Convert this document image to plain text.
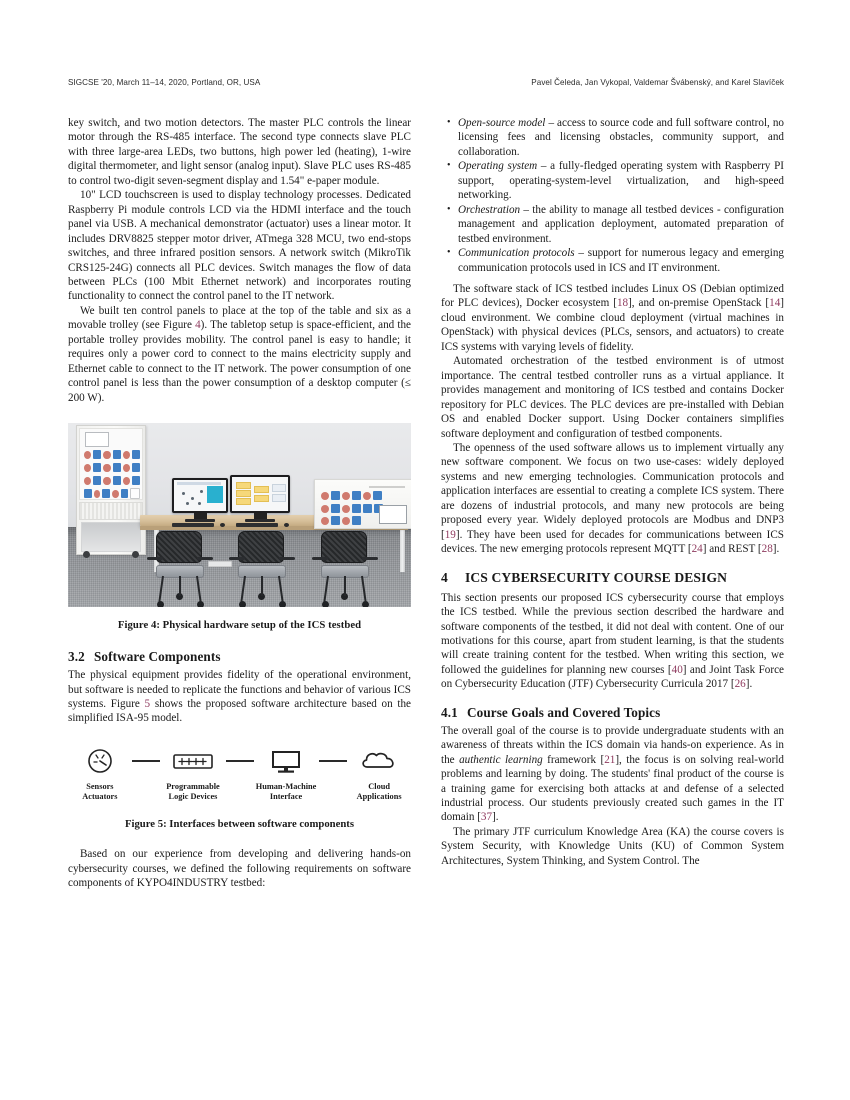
SIGCSE '20, March 11–14, 2020, Portland, OR, USA	Pavel Čeleda, Jan Vykopal, Valdemar Švábenský, and Karel Slavíček

key switch, and two motion detectors. The master PLC controls the linear motor through the RS-485 interface. The second type connects slave PLC with three large-area LEDs, two buttons, high power led (heating), 1-wire digital thermometer, and light sensor (analog input). Slave PLC uses RS-485 to control two-digit seven-segment display and 1.54" e-paper module.

10" LCD touchscreen is used to display technology processes. Dedicated Raspberry Pi module controls LCD via the HDMI interface and the touch panel via USB. A mechanical demonstrator (actuator) uses a linear motor. It includes DRV8825 stepper motor driver, ATmega 328 MCU, two end-stops switches, and three infrared position sensors. A network switch (MikroTik CRS125-24G) connects all PLC devices. Switch manages the flow of data between PLCs (100 Mbit Ethernet network) and incorporates routing functionality to connect the control panel to the IT network.

We built ten control panels to place at the top of the table and six as a movable trolley (see Figure 4). The tabletop setup is space-efficient, and the portable trolley provides mobility. The control panel is easy to handle; it requires only a power cord to connect to the mains electricity supply and Ethernet cable to connect to the IT network. The power consumption of one control panel is less than the power consumption of a desktop computer (≤ 200 W).

Figure 4: Physical hardware setup of the ICS testbed
3.2 Software Components

The physical equipment provides fidelity of the operational environment, but software is needed to replicate the functions and behavior of various ICS systems. Figure 5 shows the proposed software architecture based on the simplified ISA-95 model.

Sensors
Actuators
Programmable
Logic Devices
Human-Machine
Interface
Cloud
Applications
Figure 5: Interfaces between software components

Based on our experience from developing and delivering hands-on cybersecurity courses, we defined the following requirements on software components of KYPO4INDUSTRY testbed:

• Open-source model – access to source code and full software control, no licensing fees and licensing obstacles, community support, and collaboration.
• Operating system – a fully-fledged operating system with Raspberry PI support, operating-system-level virtualization, and high-speed networking.
• Orchestration – the ability to manage all testbed devices - configuration management and application deployment, automated preparation of testbed environment.
• Communication protocols – support for numerous legacy and emerging communication protocols used in ICS and IT environment.

The software stack of ICS testbed includes Linux OS (Debian optimized for PLC devices), Docker ecosystem [18], and on-premise OpenStack [14] cloud environment. We combine cloud deployment (virtual machines in OpenStack) with physical devices (PLCs, sensors, and actuators) to create ICS systems with varying levels of fidelity.

Automated orchestration of the testbed environment is of utmost importance. The central testbed controller runs as a virtual appliance. It provides management and monitoring of ICS testbed and contains Docker repository for PLC devices. The PLC devices are pre-installed with Debian OS and enabled Docker support. Using Docker containers simplifies software deployment and configuration of testbed components.

The openness of the used software allows us to implement virtually any new software component. We focus on two use-cases: widely deployed systems and new emerging technologies. Communication protocols and application interfaces are essential to creating a complete ICS system. There are dozens of industrial protocols, and many new protocols are being proposed every year. Widely deployed protocols are Modbus and DNP3 [19]. They have been used for decades for communications between ICS devices. The new emerging protocols represent MQTT [24] and REST [28].

4 ICS CYBERSECURITY COURSE DESIGN

This section presents our proposed ICS cybersecurity course that employs the ICS testbed. While the previous section described the hardware and software components of the testbed, it did not deal with content. One of our motivations for this course, apart from student learning, is that the students will create training content for the testbed. When writing this section, we followed the guidelines for planning new courses [40] and Joint Task Force on Cybersecurity Education (JTF) Cybersecurity Curricula 2017 [26].

4.1 Course Goals and Covered Topics

The overall goal of the course is to provide undergraduate students with an awareness of threats within the ICS domain via hands-on experience. As in the authentic learning framework [21], the focus is on solving real-world problems and learning by doing. The students' final product of the course is a training game for exercising both attacks at and defense of a selected industrial process. Our students previously created such games in the IT domain [37].

The primary JTF curriculum Knowledge Area (KA) the course covers is System Security, with Knowledge Units (KU) of Common System Architectures, System Thinking, and System Control. The
